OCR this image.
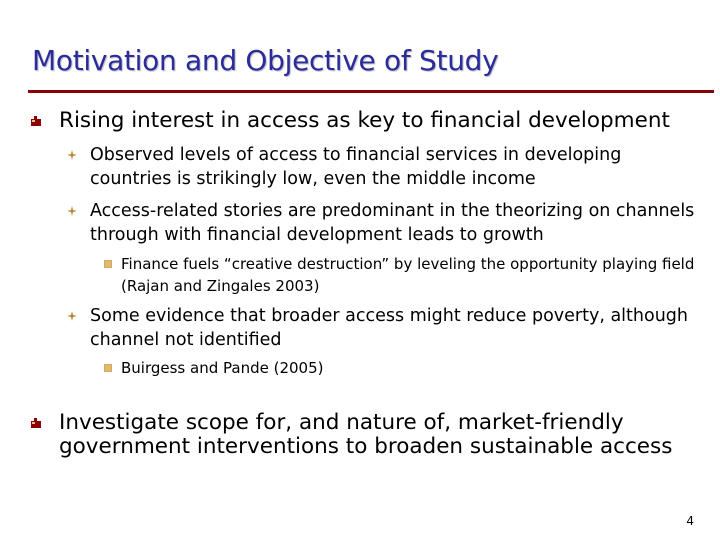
Motivation and Objective of Study
Rising interest in access as key to financial development
Observed levels of access to financial services in developing countries is strikingly low, even the middle income
Access-related stories are predominant in the theorizing on channels through with financial development leads to growth
Finance fuels “creative destruction” by leveling the opportunity playing field (Rajan and Zingales 2003)
Some evidence that broader access might reduce poverty, although channel not identified
Buirgess and Pande (2005)
Investigate scope for, and nature of, market-friendly government interventions to broaden sustainable access
4
